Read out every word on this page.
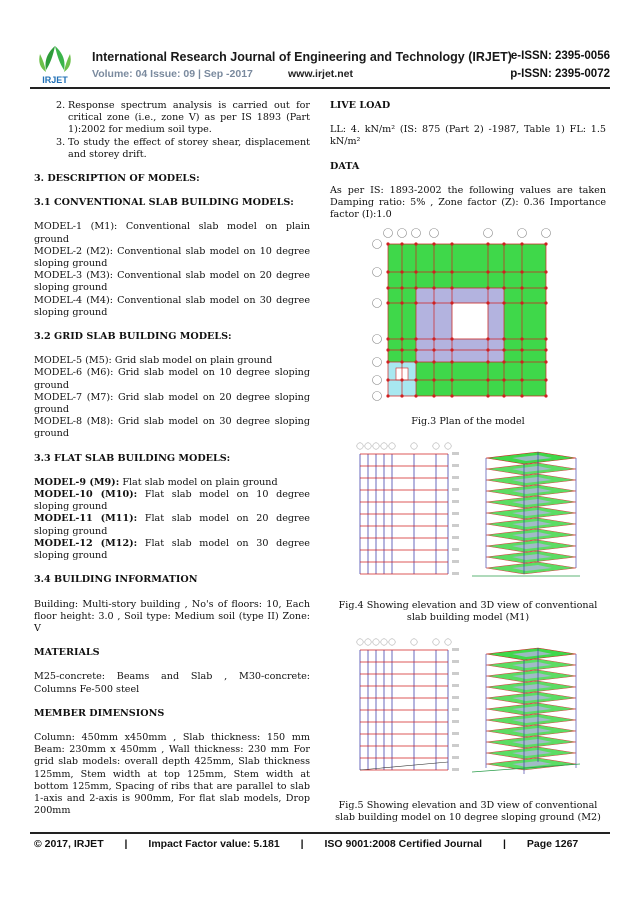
IRJET
International Research Journal of Engineering and Technology (IRJET)
Volume: 04 Issue: 09 | Sep -2017	www.irjet.net
e-ISSN: 2395-0056
p-ISSN: 2395-0072
2. Response spectrum analysis is carried out for critical zone (i.e., zone V) as per IS 1893 (Part 1):2002 for medium soil type.
3. To study the effect of storey shear, displacement and storey drift.
3. DESCRIPTION OF MODELS:
3.1 CONVENTIONAL SLAB BUILDING MODELS:
MODEL-1 (M1): Conventional slab model on plain ground
MODEL-2 (M2): Conventional slab model on 10 degree sloping ground
MODEL-3 (M3): Conventional slab model on 20 degree sloping ground
MODEL-4 (M4): Conventional slab model on 30 degree sloping ground
3.2 GRID SLAB BUILDING MODELS:
MODEL-5 (M5): Grid slab model on plain ground
MODEL-6 (M6): Grid slab model on 10 degree sloping ground
MODEL-7 (M7): Grid slab model on 20 degree sloping ground
MODEL-8 (M8): Grid slab model on 30 degree sloping ground
3.3 FLAT SLAB BUILDING MODELS:
MODEL-9 (M9): Flat slab model on plain ground
MODEL-10 (M10): Flat slab model on 10 degree sloping ground
MODEL-11 (M11): Flat slab model on 20 degree sloping ground
MODEL-12 (M12): Flat slab model on 30 degree sloping ground
3.4 BUILDING INFORMATION
Building: Multi-story building , No's of floors: 10, Each floor height: 3.0 , Soil type: Medium soil (type II) Zone: V
MATERIALS
M25-concrete: Beams and Slab , M30-concrete: Columns Fe-500 steel
MEMBER DIMENSIONS
Column: 450mm x450mm , Slab thickness: 150 mm Beam: 230mm x 450mm , Wall thickness: 230 mm For grid slab models: overall depth 425mm, Slab thickness 125mm, Stem width at top 125mm, Stem width at bottom 125mm, Spacing of ribs that are parallel to slab 1-axis and 2-axis is 900mm, For flat slab models, Drop 200mm
LIVE LOAD
LL: 4. kN/m² (IS: 875 (Part 2) -1987, Table 1) FL: 1.5 kN/m²
DATA
As per IS: 1893-2002 the following values are taken Damping ratio: 5% , Zone factor (Z): 0.36 Importance factor (I):1.0
Fig.3 Plan of the model
Fig.4 Showing elevation and 3D view of conventional slab building model (M1)
Fig.5 Showing elevation and 3D view of conventional slab building model on 10 degree sloping ground (M2)
© 2017, IRJET | Impact Factor value: 5.181 | ISO 9001:2008 Certified Journal | Page 1267
